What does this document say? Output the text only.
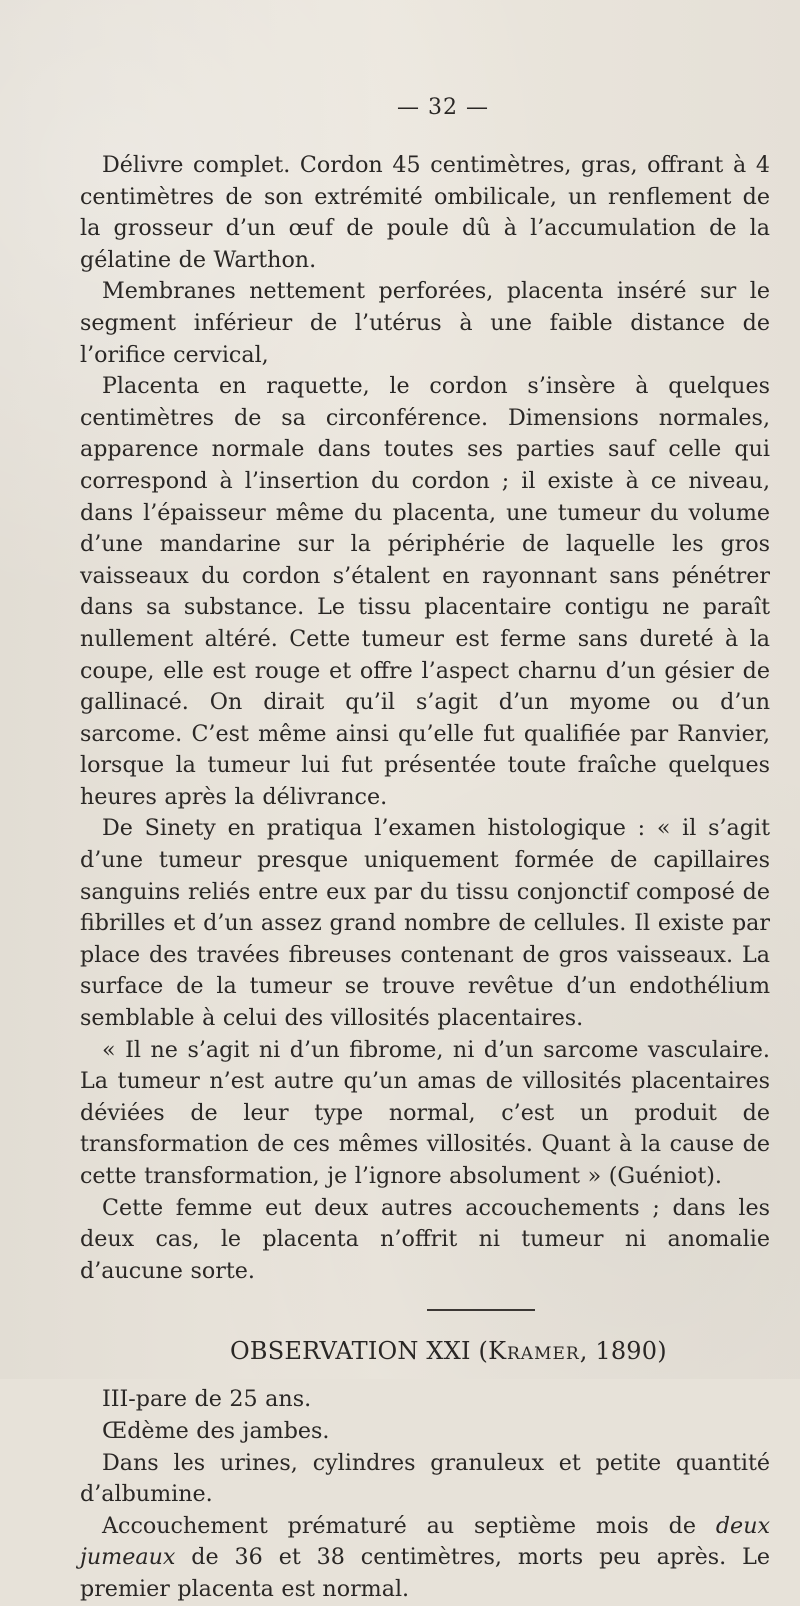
— 32 —

Délivre complet. Cordon 45 centimètres, gras, offrant à 4 centimètres de son extrémité ombilicale, un renflement de la grosseur d’un œuf de poule dû à l’accumulation de la gélatine de Warthon.

Membranes nettement perforées, placenta inséré sur le segment inférieur de l’utérus à une faible distance de l’orifice cervical,

Placenta en raquette, le cordon s’insère à quelques centimètres de sa circonférence. Dimensions normales, apparence normale dans toutes ses parties sauf celle qui correspond à l’insertion du cordon ; il existe à ce niveau, dans l’épaisseur même du placenta, une tumeur du volume d’une mandarine sur la périphérie de laquelle les gros vaisseaux du cordon s’étalent en rayonnant sans pénétrer dans sa substance. Le tissu placentaire contigu ne paraît nullement altéré. Cette tumeur est ferme sans dureté à la coupe, elle est rouge et offre l’aspect charnu d’un gésier de gallinacé. On dirait qu’il s’agit d’un myome ou d’un sarcome. C’est même ainsi qu’elle fut qualifiée par Ranvier, lorsque la tumeur lui fut présentée toute fraîche quelques heures après la délivrance.

De Sinety en pratiqua l’examen histologique : « il s’agit d’une tumeur presque uniquement formée de capillaires sanguins reliés entre eux par du tissu conjonctif composé de fibrilles et d’un assez grand nombre de cellules. Il existe par place des travées fibreuses contenant de gros vaisseaux. La surface de la tumeur se trouve revêtue d’un endothélium semblable à celui des villosités placentaires.

« Il ne s’agit ni d’un fibrome, ni d’un sarcome vasculaire. La tumeur n’est autre qu’un amas de villosités placentaires déviées de leur type normal, c’est un produit de transformation de ces mêmes villosités. Quant à la cause de cette transformation, je l’ignore absolument » (Guéniot).

Cette femme eut deux autres accouchements ; dans les deux cas, le placenta n’offrit ni tumeur ni anomalie d’aucune sorte.

OBSERVATION XXI (Kramer, 1890)

III-pare de 25 ans.

Œdème des jambes.

Dans les urines, cylindres granuleux et petite quantité d’albumine.

Accouchement prématuré au septième mois de deux jumeaux de 36 et 38 centimètres, morts peu après. Le premier placenta est normal.
